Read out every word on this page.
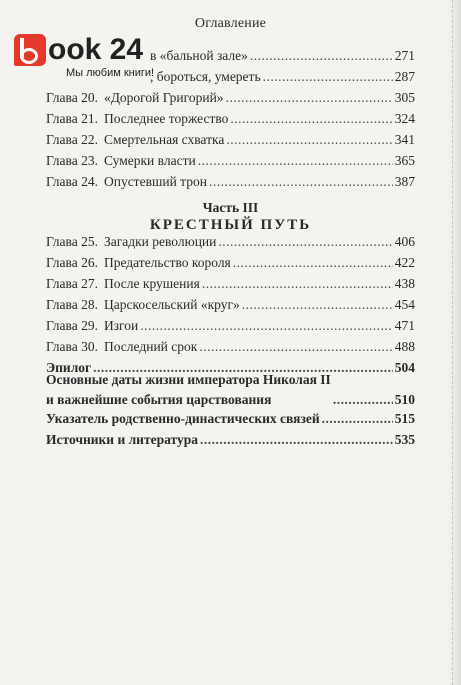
Оглавление
ook 24
Мы любим книги!
в «бальной зале» .....	271
, бороться, умереть .....	287
Глава 20. «Дорогой Григорий» .....	305
Глава 21. Последнее торжество .....	324
Глава 22. Смертельная схватка .....	341
Глава 23. Сумерки власти .....	365
Глава 24. Опустевший трон .....	387
Часть III
КРЕСТНЫЙ ПУТЬ
Глава 25. Загадки революции .....	406
Глава 26. Предательство короля .....	422
Глава 27. После крушения .....	438
Глава 28. Царскосельский «круг» .....	454
Глава 29. Изгои .....	471
Глава 30. Последний срок .....	488
Эпилог .....	504
Основные даты жизни императора Николая II
и важнейшие события царствования .....	510
Указатель родственно-династических связей .....	515
Источники и литература .....	535
